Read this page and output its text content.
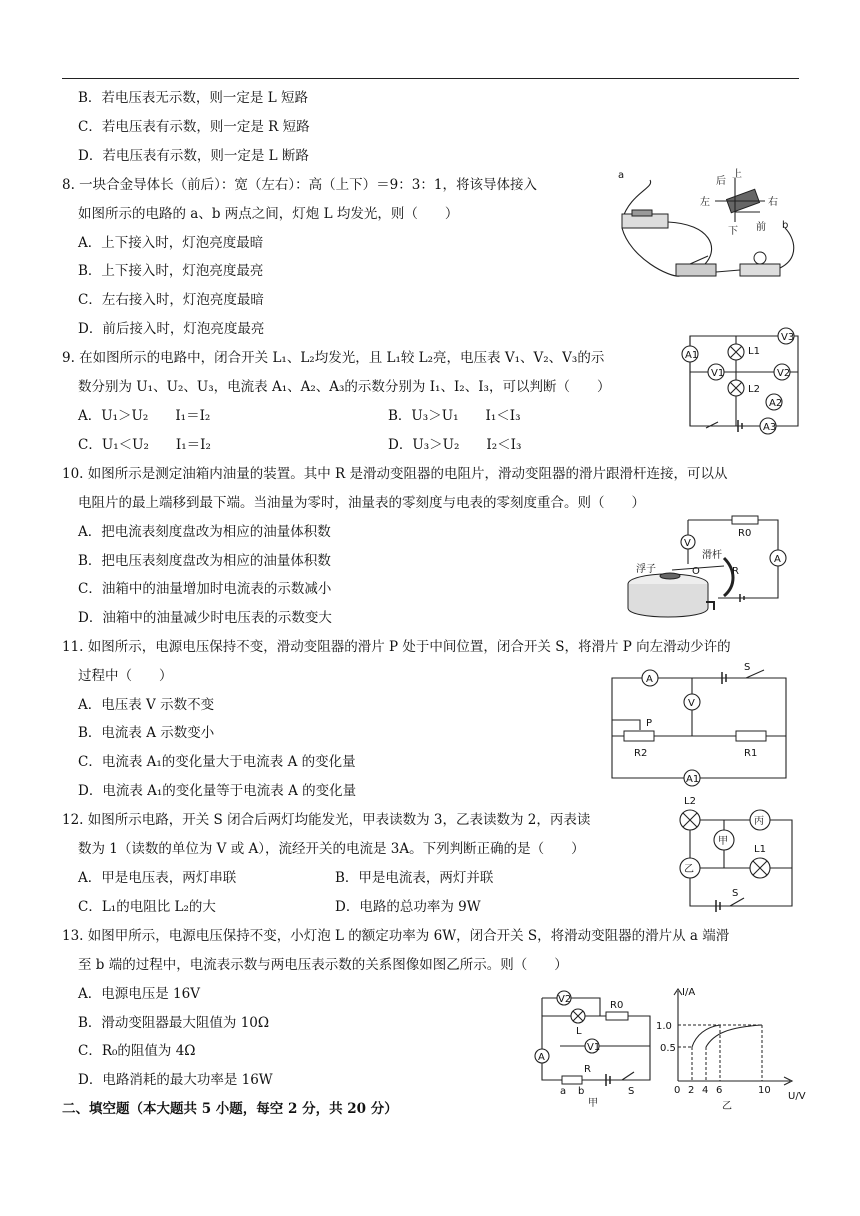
B．若电压表无示数，则一定是 L 短路
C．若电压表有示数，则一定是 R 短路
D．若电压表有示数，则一定是 L 断路
8. 一块合金导体长（前后）：宽（左右）：高（上下）＝9：3：1，将该导体接入
如图所示的电路的 a、b 两点之间，灯炮 L 均发光，则（　　）
A．上下接入时，灯泡亮度最暗
B．上下接入时，灯泡亮度最亮
C．左右接入时，灯泡亮度最暗
D．前后接入时，灯泡亮度最亮
a
b
后
上
左	右
下 前
9. 在如图所示的电路中，闭合开关 L₁、L₂均发光，且 L₁较 L₂亮，电压表 V₁、V₂、V₃的示
数分别为 U₁、U₂、U₃，电流表 A₁、A₂、A₃的示数分别为 I₁、I₂、I₃，可以判断（　　）
A．U₁＞U₂　　I₁＝I₂	B．U₃＞U₁　　I₁＜I₃
C．U₁＜U₂　　I₁＝I₂	D．U₃＞U₂　　I₂＜I₃
V3
A1	L1
V1	V2
L2
A2
A3
10. 如图所示是测定油箱内油量的装置。其中 R 是滑动变阻器的电阻片，滑动变阻器的滑片跟滑杆连接，可以从
电阻片的最上端移到最下端。当油量为零时，油量表的零刻度与电表的零刻度重合。则（　　）
A．把电流表刻度盘改为相应的油量体积数
B．把电压表刻度盘改为相应的油量体积数
C．油箱中的油量增加时电流表的示数减小
D．油箱中的油量减少时电压表的示数变大
R0
A
V
滑杆
O	R
浮子
11. 如图所示，电源电压保持不变，滑动变阻器的滑片 P 处于中间位置，闭合开关 S，将滑片 P 向左滑动少许的
过程中（　　）
A．电压表 V 示数不变
B．电流表 A 示数变小
C．电流表 A₁的变化量大于电流表 A 的变化量
D．电流表 A₁的变化量等于电流表 A 的变化量
A
S
V
P
R2	R1
A1
12. 如图所示电路，开关 S 闭合后两灯均能发光，甲表读数为 3，乙表读数为 2，丙表读
数为 1（读数的单位为 V 或 A），流经开关的电流是 3A。下列判断正确的是（　　）
A．甲是电压表，两灯串联	B．甲是电流表，两灯并联
C．L₁的电阻比 L₂的大	D．电路的总功率为 9W
L2
丙
甲
乙
L1
S
13. 如图甲所示，电源电压保持不变，小灯泡 L 的额定功率为 6W，闭合开关 S，将滑动变阻器的滑片从 a 端滑
至 b 端的过程中，电流表示数与两电压表示数的关系图像如图乙所示。则（　　）
A．电源电压是 16V
B．滑动变阻器最大阻值为 10Ω
C．R₀的阻值为 4Ω
D．电路消耗的最大功率是 16W
V2
L
R0
V1
A
R
a b	S
甲
I/A
U/V
1.0
0.5
0 2 4 6	10
乙
二、填空题（本大题共 5 小题，每空 2 分，共 20 分）
